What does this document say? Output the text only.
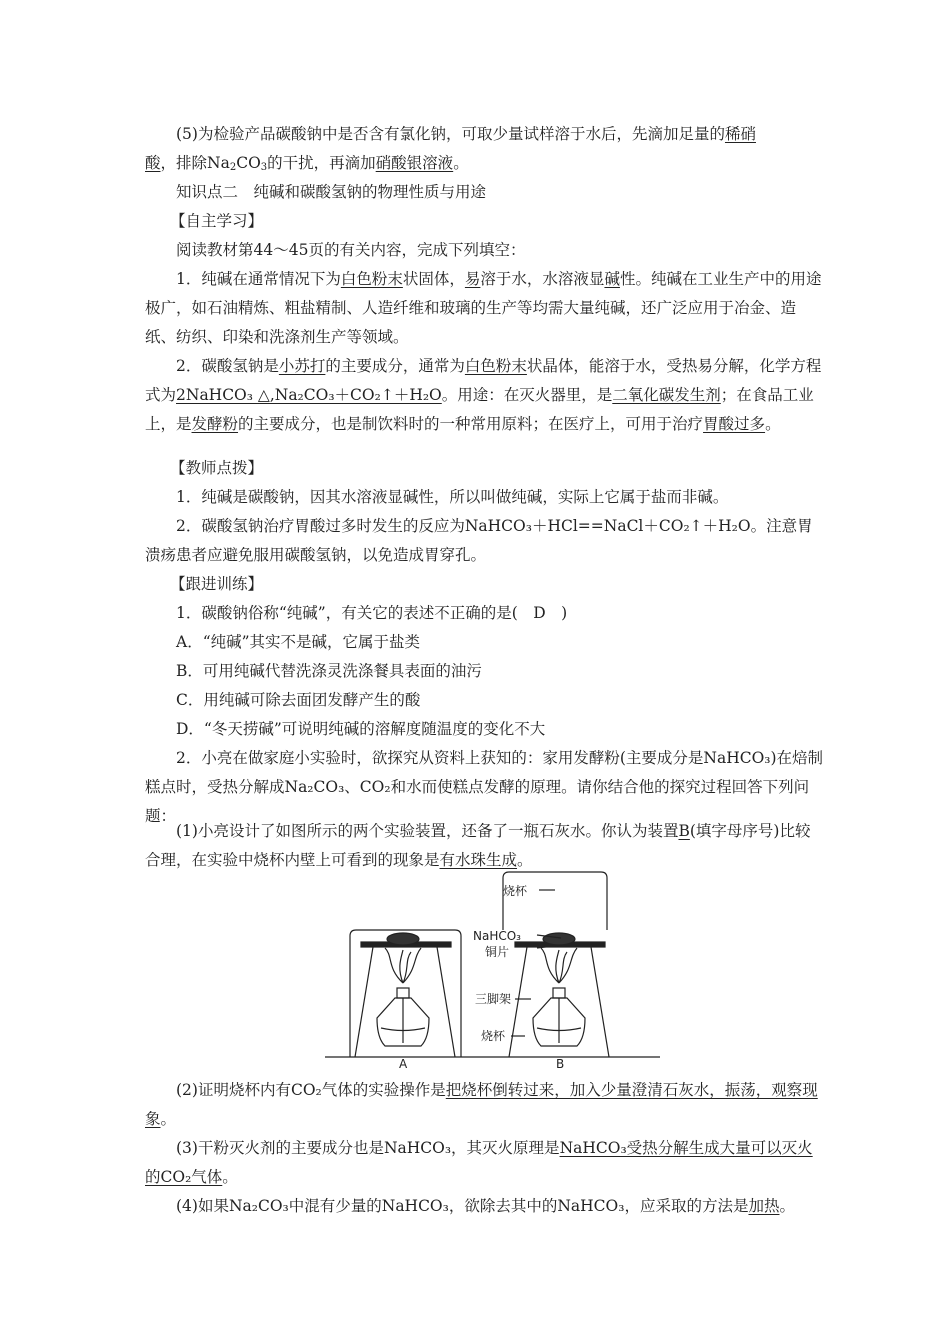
(5)为检验产品碳酸钠中是否含有氯化钠，可取少量试样溶于水后，先滴加足量的稀硝
酸，排除$Na_2CO_3$的干扰，再滴加硝酸银溶液。

知识点二　纯碱和碳酸氢钠的物理性质与用途
【自主学习】
阅读教材第44～45页的有关内容，完成下列填空：

1．纯碱在通常情况下为白色粉末状固体，易溶于水，水溶液显碱性。纯碱在工业生产中的用途极广，如石油精炼、粗盐精制、人造纤维和玻璃的生产等均需大量纯碱，还广泛应用于冶金、造纸、纺织、印染和洗涤剂生产等领域。

2．碳酸氢钠是小苏打的主要成分，通常为白色粉末状晶体，能溶于水，受热易分解，化学方程式为2NaHCO₃ △,Na₂CO₃＋CO₂↑＋H₂O。用途：在灭火器里，是二氧化碳发生剂；在食品工业上，是发酵粉的主要成分，也是制饮料时的一种常用原料；在医疗上，可用于治疗胃酸过多。

【教师点拨】

1．纯碱是碳酸钠，因其水溶液显碱性，所以叫做纯碱，实际上它属于盐而非碱。

2．碳酸氢钠治疗胃酸过多时发生的反应为NaHCO₃＋HCl==NaCl＋CO₂↑＋H₂O。注意胃溃疡患者应避免服用碳酸氢钠，以免造成胃穿孔。

【跟进训练】

1．碳酸钠俗称“纯碱”，有关它的表述不正确的是(　D　)

A．“纯碱”其实不是碱，它属于盐类
B．可用纯碱代替洗涤灵洗涤餐具表面的油污
C．用纯碱可除去面团发酵产生的酸
D．“冬天捞碱”可说明纯碱的溶解度随温度的变化不大

2．小亮在做家庭小实验时，欲探究从资料上获知的：家用发酵粉(主要成分是NaHCO₃)在焙制糕点时，受热分解成Na₂CO₃、CO₂和水而使糕点发酵的原理。请你结合他的探究过程回答下列问题：

(1)小亮设计了如图所示的两个实验装置，还备了一瓶石灰水。你认为装置B(填字母序号)比较合理，在实验中烧杯内壁上可看到的现象是有水珠生成。

烧杯
NaHCO₃
铜片
三脚架
烧杯
A	B

(2)证明烧杯内有CO₂气体的实验操作是把烧杯倒转过来，加入少量澄清石灰水，振荡，观察现象。

(3)干粉灭火剂的主要成分也是NaHCO₃，其灭火原理是NaHCO₃受热分解生成大量可以灭火的CO₂气体。

(4)如果Na₂CO₃中混有少量的NaHCO₃，欲除去其中的NaHCO₃，应采取的方法是加热。
